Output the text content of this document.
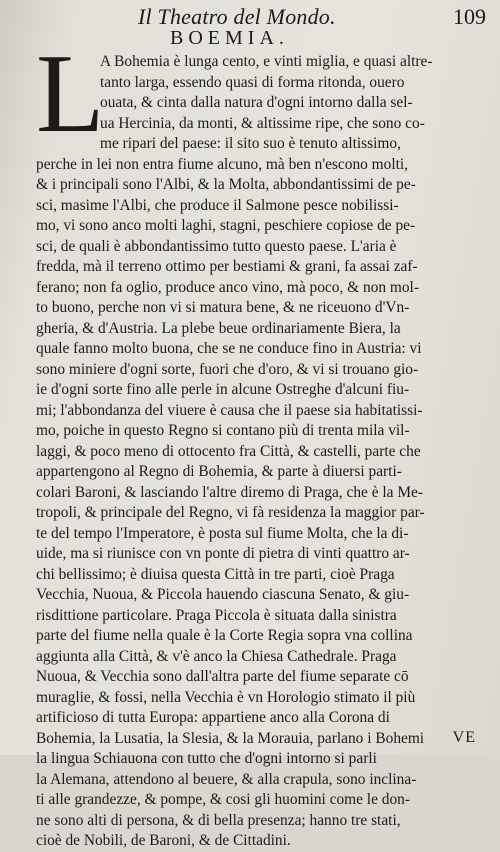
Il Theatro del Mondo.	109
BOEMIA.
L
A Bohemia è lunga cento, e vinti miglia, e quasi altre-
tanto larga, essendo quasi di forma ritonda, ouero
ouata, & cinta dalla natura d'ogni intorno dalla sel-
ua Hercinia, da monti, & altissime ripe, che sono co-
me ripari del paese: il sito suo è tenuto altissimo,
perche in lei non entra fiume alcuno, mà ben n'escono molti,
& i principali sono l'Albi, & la Molta, abbondantissimi de pe-
sci, masime l'Albi, che produce il Salmone pesce nobilissi-
mo, vi sono anco molti laghi, stagni, peschiere copiose de pe-
sci, de quali è abbondantissimo tutto questo paese. L'aria è
fredda, mà il terreno ottimo per bestiami & grani, fa assai zaf-
ferano; non fa oglio, produce anco vino, mà poco, & non mol-
to buono, perche non vi si matura bene, & ne riceuono d'Vn-
gheria, & d'Austria. La plebe beue ordinariamente Biera, la
quale fanno molto buona, che se ne conduce fino in Austria: vi
sono miniere d'ogni sorte, fuori che d'oro, & vi si trouano gio-
ie d'ogni sorte fino alle perle in alcune Ostreghe d'alcuni fiu-
mi; l'abbondanza del viuere è causa che il paese sia habitatissi-
mo, poiche in questo Regno si contano più di trenta mila vil-
laggi, & poco meno di ottocento fra Città, & castelli, parte che
appartengono al Regno di Bohemia, & parte à diuersi parti-
colari Baroni, & lasciando l'altre diremo di Praga, che è la Me-
tropoli, & principale del Regno, vi fà residenza la maggior par-
te del tempo l'Imperatore, è posta sul fiume Molta, che la di-
uide, ma si riunisce con vn ponte di pietra di vinti quattro ar-
chi bellissimo; è diuisa questa Città in tre parti, cioè Praga
Vecchia, Nuoua, & Piccola hauendo ciascuna Senato, & giu-
risdittione particolare. Praga Piccola è situata dalla sinistra
parte del fiume nella quale è la Corte Regia sopra vna collina
aggiunta alla Città, & v'è anco la Chiesa Cathedrale. Praga
Nuoua, & Vecchia sono dall'altra parte del fiume separate cō
muraglie, & fossi, nella Vecchia è vn Horologio stimato il più
artificioso di tutta Europa: appartiene anco alla Corona di
Bohemia, la Lusatia, la Slesia, & la Morauia, parlano i Bohemi
la lingua Schiauona con tutto che d'ogni intorno si parli
la Alemana, attendono al beuere, & alla crapula, sono inclina-
ti alle grandezze, & pompe, & cosi gli huomini come le don-
ne sono alti di persona, & di bella presenza; hanno tre stati,
cioè de Nobili, de Baroni, & de Cittadini.
VE
